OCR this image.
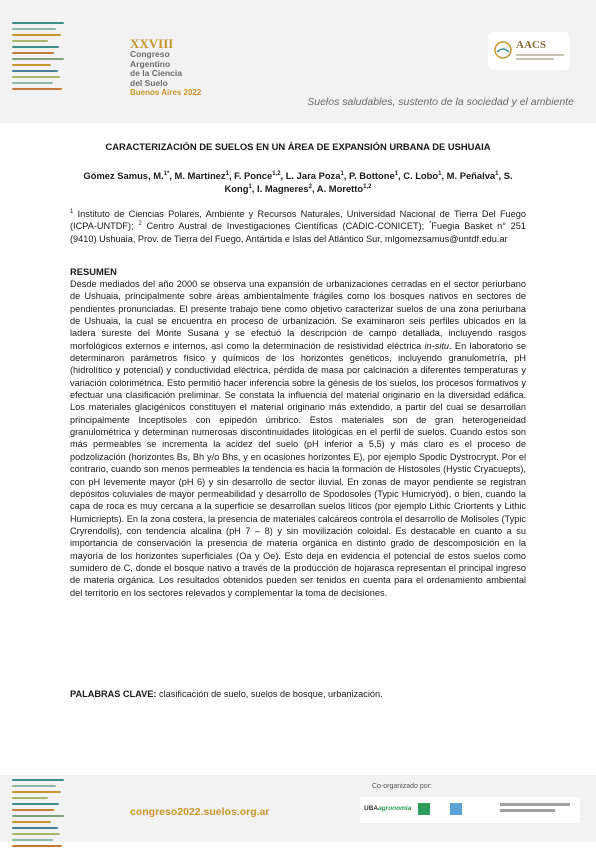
XXVIII
Congreso
Argentino
de la Ciencia
del Suelo
Buenos Aires 2022
AACS
Suelos saludables, sustento de la sociedad y el ambiente
CARACTERIZACIÓN DE SUELOS EN UN ÁREA DE EXPANSIÓN URBANA DE USHUAIA
Gómez Samus, M.$^{1*}$, M. Martinez$^1$, F. Ponce$^{1,2}$, L. Jara Poza$^1$, P. Bottone$^1$, C. Lobo$^1$, M. Peñalva$^1$, S. Kong$^1$, I. Magneres$^2$, A. Moretto$^{1,2}$
$^1$ Instituto de Ciencias Polares, Ambiente y Recursos Naturales, Universidad Nacional de Tierra Del Fuego (ICPA-UNTDF); $^2$ Centro Austral de Investigaciones Científicas (CADIC-CONICET); *Fuegia Basket n° 251 (9410) Ushuaia, Prov. de Tierra del Fuego, Antártida e Islas del Atlántico Sur, mlgomezsamus@untdf.edu.ar
RESUMEN
Desde mediados del año 2000 se observa una expansión de urbanizaciones cerradas en el sector periurbano de Ushuaia, principalmente sobre áreas ambientalmente frágiles como los bosques nativos en sectores de pendientes pronunciadas. El presente trabajo tiene como objetivo caracterizar suelos de una zona periurbana de Ushuaia, la cual se encuentra en proceso de urbanización. Se examinaron seis perfiles ubicados en la ladera sureste del Monte Susana y se efectuó la descripción de campo detallada, incluyendo rasgos morfológicos externos e internos, así como la determinación de resistividad eléctrica in-situ. En laboratorio se determinaron parámetros físico y químicos de los horizontes genéticos, incluyendo granulometría, pH (hidrolítico y potencial) y conductividad eléctrica, pérdida de masa por calcinación a diferentes temperaturas y variación colorimétrica. Esto permitió hacer inferencia sobre la génesis de los suelos, los procesos formativos y efectuar una clasificación preliminar. Se constata la influencia del material originario en la diversidad edáfica. Los materiales glacigénicos constituyen el material originario más extendido, a partir del cual se desarrollan principalmente Inceptisoles con epipedón úmbrico. Estos materiales son de gran heterogeneidad granulométrica y determinan numerosas discontinuidades litológicas en el perfil de suelos. Cuando estos son más permeables se incrementa la acidez del suelo (pH inferior a 5,5) y más claro es el proceso de podzolización (horizontes Bs, Bh y/o Bhs, y en ocasiones horizontes E), por ejemplo Spodic Dystrocrypt. Por el contrario, cuando son menos permeables la tendencia es hacia la formación de Histosoles (Hystic Cryacuepts), con pH levemente mayor (pH 6) y sin desarrollo de sector iluvial. En zonas de mayor pendiente se registran depósitos coluviales de mayor permeabilidad y desarrollo de Spodosoles (Typic Humicryod), o bien, cuando la capa de roca es muy cercana a la superficie se desarrollan suelos líticos (por ejemplo Lithic Criortents y Lithic Humicriepts). En la zona costera, la presencia de materiales calcáreos controla el desarrollo de Molisoles (Typic Cryrendolls), con tendencia alcalina (pH 7 – 8) y sin movilización coloidal. Es destacable en cuanto a su importancia de conservación la presencia de materia orgánica en distinto grado de descomposición en la mayoría de los horizontes superficiales (Oa y Oe). Esto deja en evidencia el potencial de estos suelos como sumidero de C, donde el bosque nativo a través de la producción de hojarasca representan el principal ingreso de materia orgánica. Los resultados obtenidos pueden ser tenidos en cuenta para el ordenamiento ambiental del territorio en los sectores relevados y complementar la toma de decisiones.
PALABRAS CLAVE: clasificación de suelo, suelos de bosque, urbanización.
congreso2022.suelos.org.ar
Co-organizado por:
UBAagronomía
